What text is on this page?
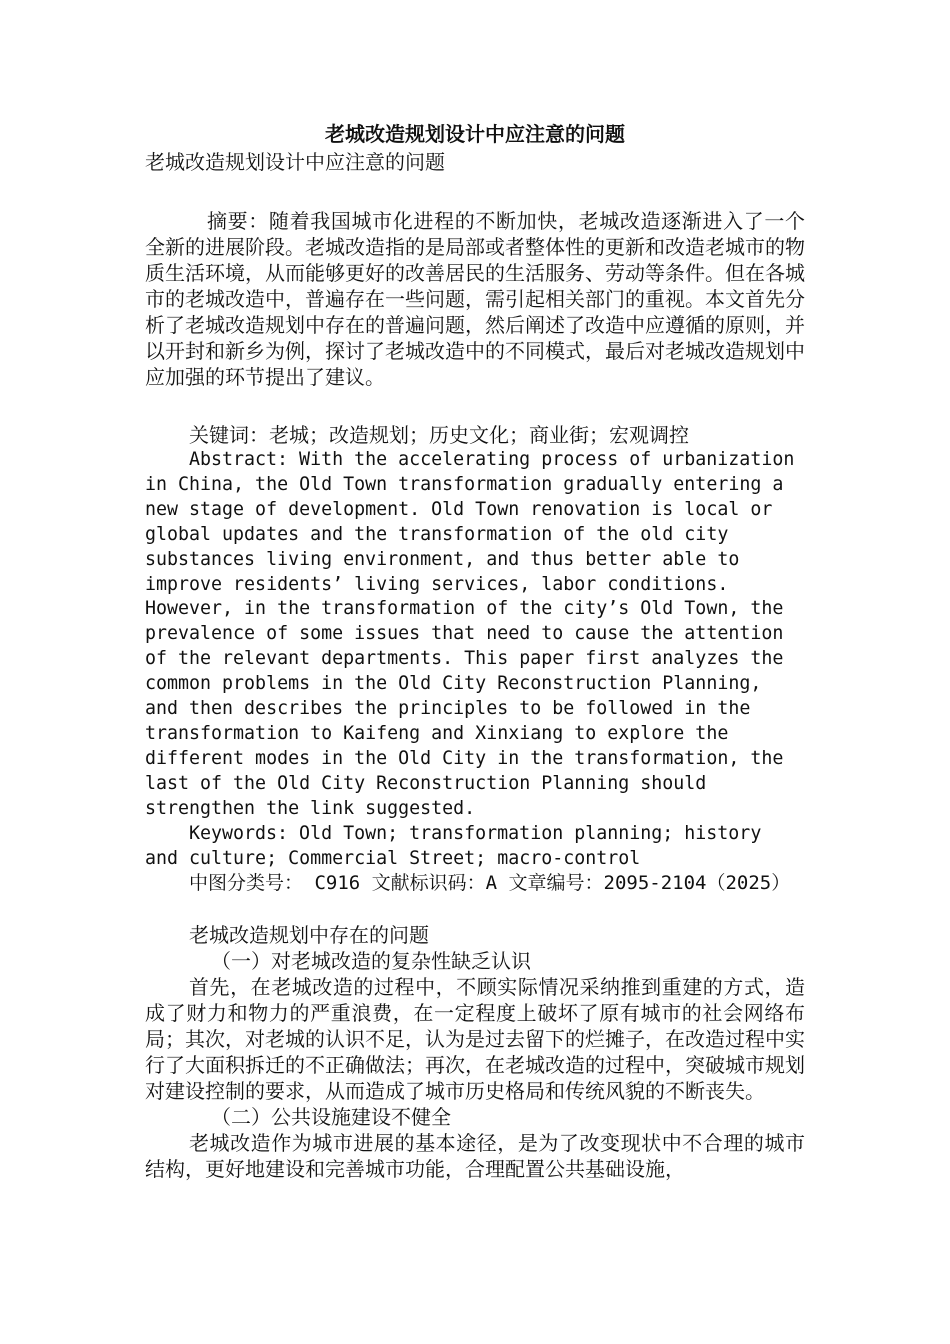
老城改造规划设计中应注意的问题

老城改造规划设计中应注意的问题

摘要：随着我国城市化进程的不断加快，老城改造逐渐进入了一个全新的进展阶段。老城改造指的是局部或者整体性的更新和改造老城市的物质生活环境，从而能够更好的改善居民的生活服务、劳动等条件。但在各城市的老城改造中，普遍存在一些问题，需引起相关部门的重视。本文首先分析了老城改造规划中存在的普遍问题，然后阐述了改造中应遵循的原则，并以开封和新乡为例，探讨了老城改造中的不同模式，最后对老城改造规划中应加强的环节提出了建议。

关键词：老城；改造规划；历史文化；商业街；宏观调控

Abstract: With the accelerating process of urbanization in China, the Old Town transformation gradually entering a new stage of development. Old Town renovation is local or global updates and the transformation of the old city substances living environment, and thus better able to improve residents’ living services, labor conditions. However, in the transformation of the city’s Old Town, the prevalence of some issues that need to cause the attention of the relevant departments. This paper first analyzes the common problems in the Old City Reconstruction Planning, and then describes the principles to be followed in the transformation to Kaifeng and Xinxiang to explore the different modes in the Old City in the transformation, the last of the Old City Reconstruction Planning should strengthen the link suggested.

Keywords: Old Town; transformation planning; history and culture; Commercial Street; macro-control

中图分类号： C916 文献标识码：A 文章编号：2095-2104（2025）

老城改造规划中存在的问题

（一）对老城改造的复杂性缺乏认识

首先，在老城改造的过程中，不顾实际情况采纳推到重建的方式，造成了财力和物力的严重浪费，在一定程度上破坏了原有城市的社会网络布局；其次，对老城的认识不足，认为是过去留下的烂摊子，在改造过程中实行了大面积拆迁的不正确做法；再次，在老城改造的过程中，突破城市规划对建设控制的要求，从而造成了城市历史格局和传统风貌的不断丧失。

（二）公共设施建设不健全

老城改造作为城市进展的基本途径，是为了改变现状中不合理的城市结构，更好地建设和完善城市功能，合理配置公共基础设施，
